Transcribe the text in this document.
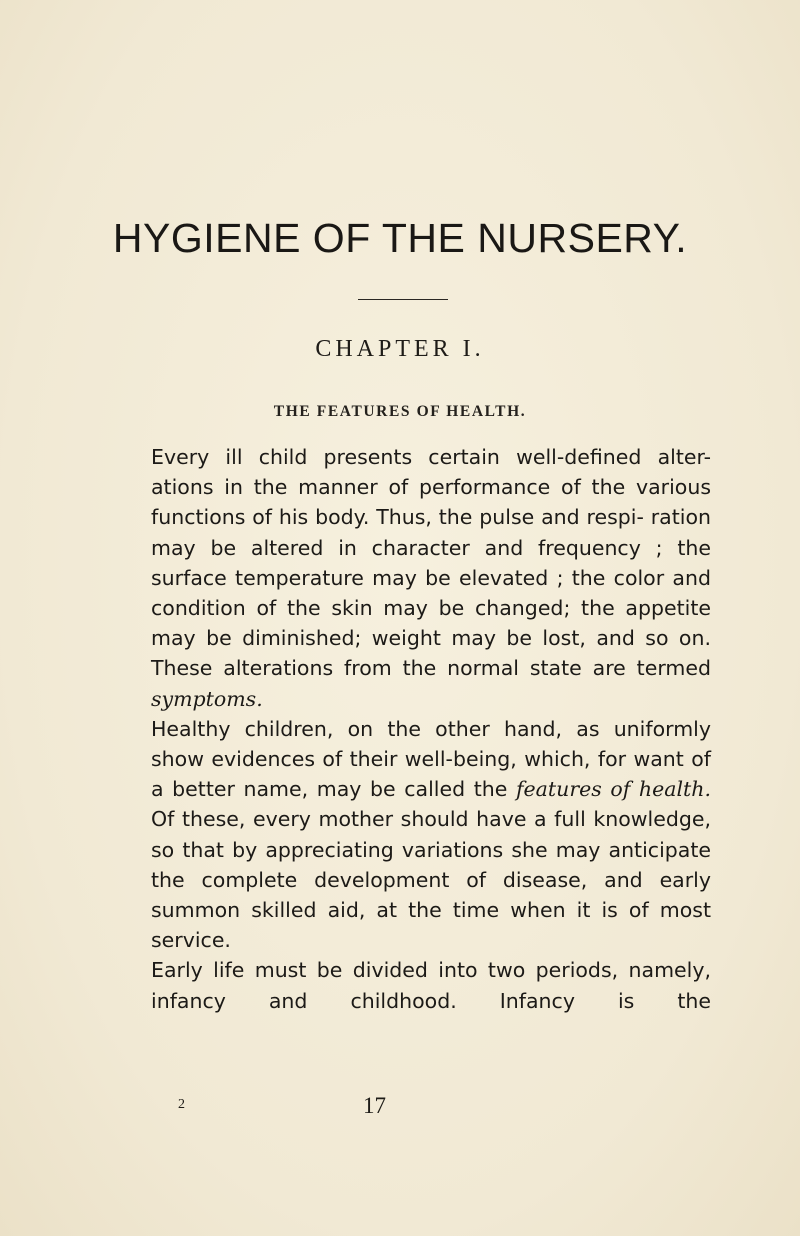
HYGIENE OF THE NURSERY.
CHAPTER I.
THE FEATURES OF HEALTH.

Every ill child presents certain well-defined alter- ations in the manner of performance of the various functions of his body. Thus, the pulse and respi- ration may be altered in character and frequency ; the surface temperature may be elevated ; the color and condition of the skin may be changed; the appetite may be diminished; weight may be lost, and so on. These alterations from the normal state are termed symptoms.

Healthy children, on the other hand, as uniformly show evidences of their well-being, which, for want of a better name, may be called the features of health. Of these, every mother should have a full knowledge, so that by appreciating variations she may anticipate the complete development of disease, and early summon skilled aid, at the time when it is of most service.

Early life must be divided into two periods, namely, infancy and childhood. Infancy is the

2	17
